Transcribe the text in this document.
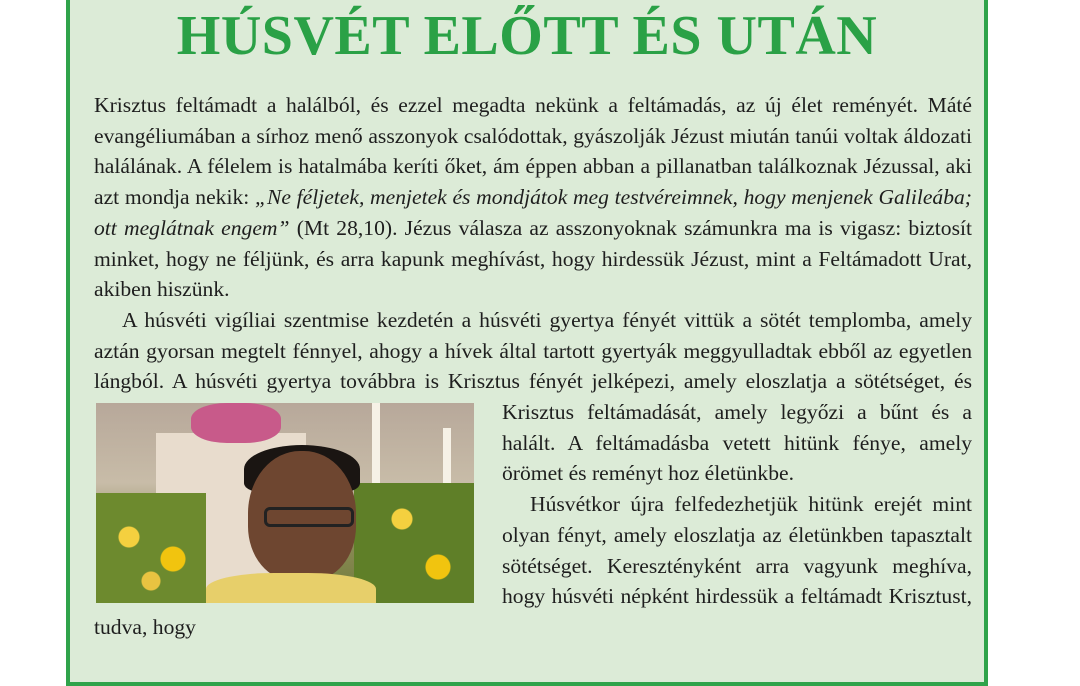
HÚSVÉT ELŐTT ÉS UTÁN

Krisztus feltámadt a halálból, és ezzel megadta nekünk a feltámadás, az új élet reményét. Máté evangéliumában a sírhoz menő asszonyok csalódottak, gyászolják Jézust miután tanúi voltak áldozati halálának. A félelem is hatalmába keríti őket, ám éppen abban a pillanatban találkoznak Jézussal, aki azt mondja nekik: „Ne féljetek, menjetek és mondjátok meg testvéreimnek, hogy menjenek Galileába; ott meglátnak engem” (Mt 28,10). Jézus válasza az asszonyoknak számunkra ma is vigasz: biztosít minket, hogy ne féljünk, és arra kapunk meghívást, hogy hirdessük Jézust, mint a Feltámadott Urat, akiben hiszünk.

A húsvéti vigíliai szentmise kezdetén a húsvéti gyertya fényét vittük a sötét templomba, amely aztán gyorsan megtelt fénnyel, ahogy a hívek által tartott gyertyák meggyulladtak ebből az egyetlen lángból. A húsvéti gyertya továbbra is Krisztus fényét jelképezi, amely eloszlatja a sötétséget, és Krisztus feltámadását, amely legyőzi a bűnt
és a halált. A feltámadásba vetett hitünk fénye, amely örömet és reményt hoz életünkbe.

Húsvétkor újra felfedezhetjük hitünk erejét mint olyan fényt, amely eloszlatja az életünkben tapasztalt sötétséget. Keresztényként arra vagyunk meghíva, hogy húsvéti népként hirdessük a feltámadt Krisztust, tudva, hogy
